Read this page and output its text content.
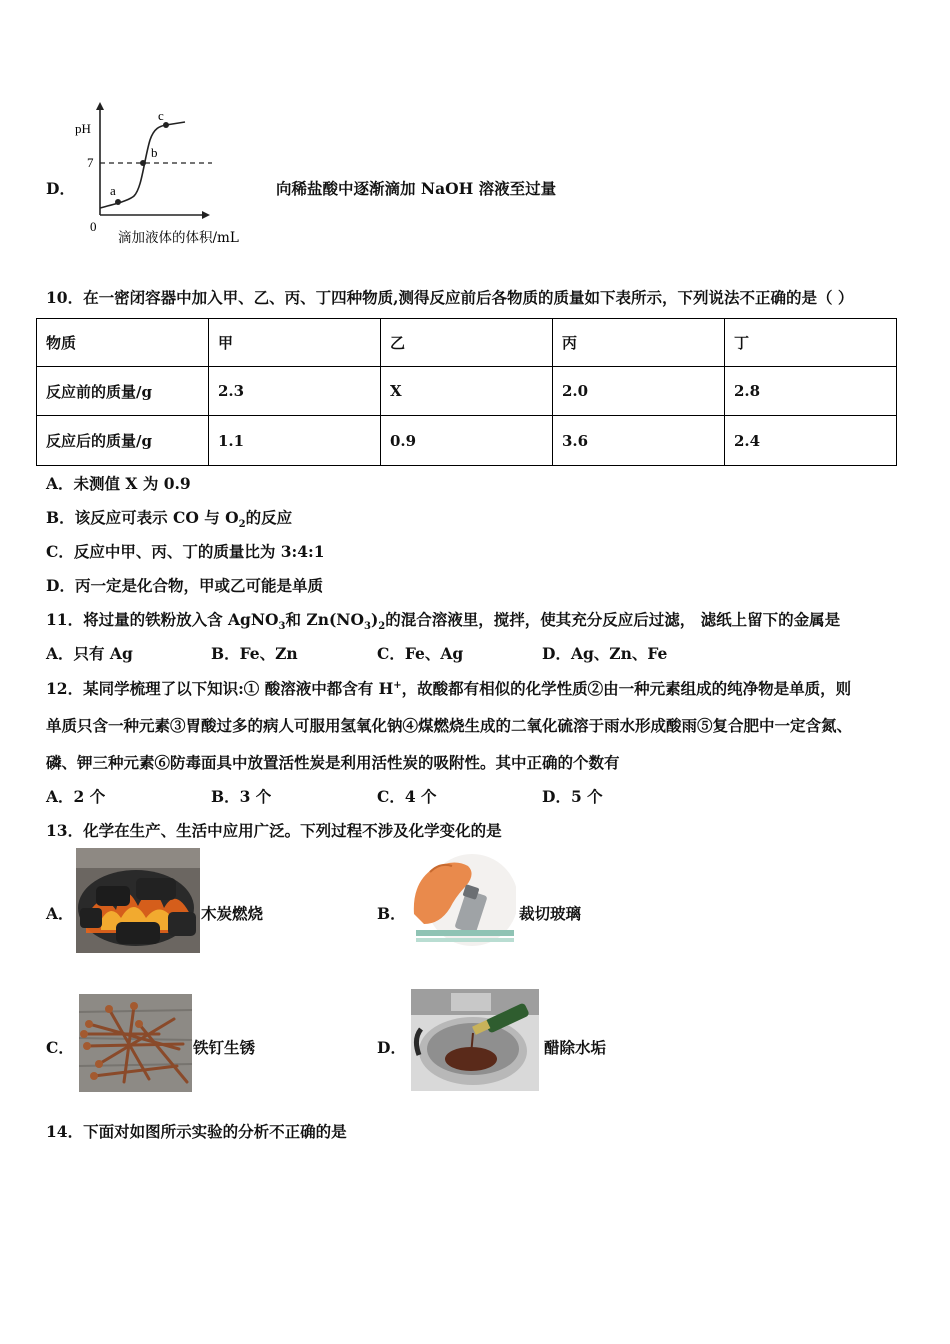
D．
pH
7
0
a
b
c
滴加液体的体积/mL
向稀盐酸中逐渐滴加 NaOH 溶液至过量
10．在一密闭容器中加入甲、乙、丙、丁四种物质,测得反应前后各物质的质量如下表所示，下列说法不正确的是（ ）
物质	甲	乙	丙	丁
反应前的质量/g	2.3	X	2.0	2.8
反应后的质量/g	1.1	0.9	3.6	2.4
A．未测值 X 为 0.9
B．该反应可表示 CO 与 $O_2$的反应
C．反应中甲、丙、丁的质量比为 3:4:1
D．丙一定是化合物，甲或乙可能是单质
11．将过量的铁粉放入含 AgNO$_3$和 $Zn(NO_3)_2$的混合溶液里，搅拌，使其充分反应后过滤， 滤纸上留下的金属是
A．只有 Ag	B．Fe、Zn	C．Fe、Ag	D．Ag、Zn、Fe
12．某同学梳理了以下知识:① 酸溶液中都含有 H+，故酸都有相似的化学性质②由一种元素组成的纯净物是单质，则
单质只含一种元素③胃酸过多的病人可服用氢氧化钠④煤燃烧生成的二氧化硫溶于雨水形成酸雨⑤复合肥中一定含氮、
磷、钾三种元素⑥防毒面具中放置活性炭是利用活性炭的吸附性。其中正确的个数有
A．2 个	B．3 个	C．4 个	D．5 个
13．化学在生产、生活中应用广泛。下列过程不涉及化学变化的是
A．	木炭燃烧	B．	裁切玻璃
C．	铁钉生锈	D．	醋除水垢
14．下面对如图所示实验的分析不正确的是
